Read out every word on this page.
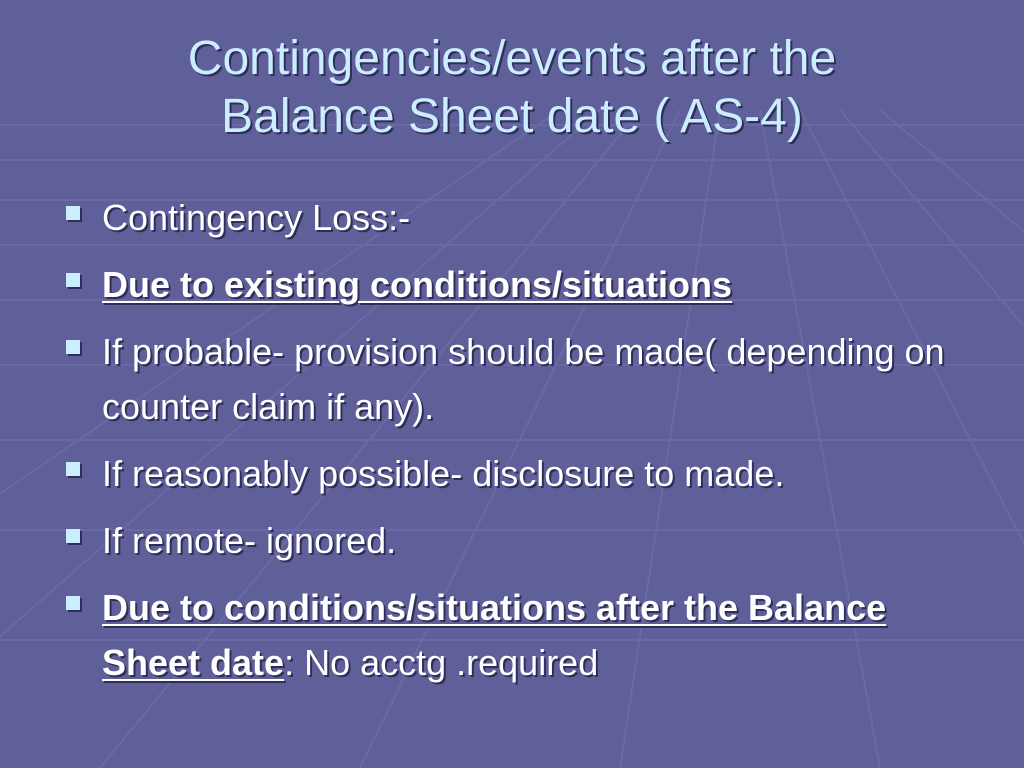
Contingencies/events after the
Balance Sheet date ( AS-4)
Contingency Loss:-
Due to existing conditions/situations
If probable- provision should be made( depending on counter claim if any).
If reasonably possible- disclosure to made.
If remote- ignored.
Due to conditions/situations after the Balance Sheet date: No acctg .required
